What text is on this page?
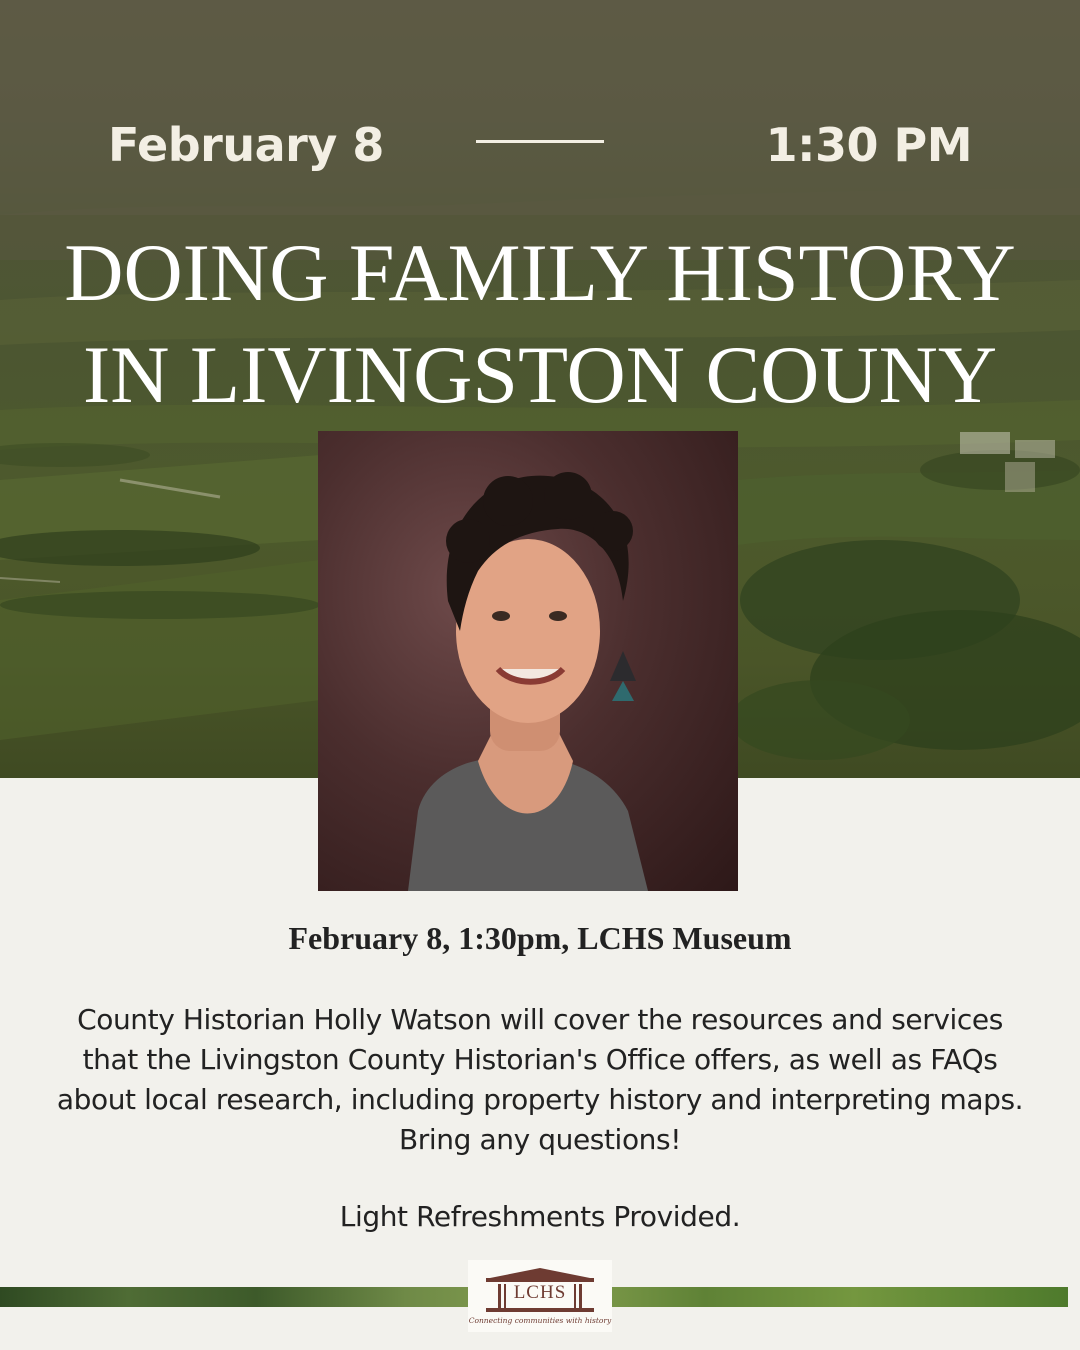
February 8	1:30 PM
DOING FAMILY HISTORY
IN LIVINGSTON COUNY
February 8, 1:30pm, LCHS Museum
County Historian Holly Watson will cover the resources and services that the Livingston County Historian's Office offers, as well as FAQs about local research, including property history and interpreting maps. Bring any questions!
Light Refreshments Provided.
LCHS
Connecting communities with history
